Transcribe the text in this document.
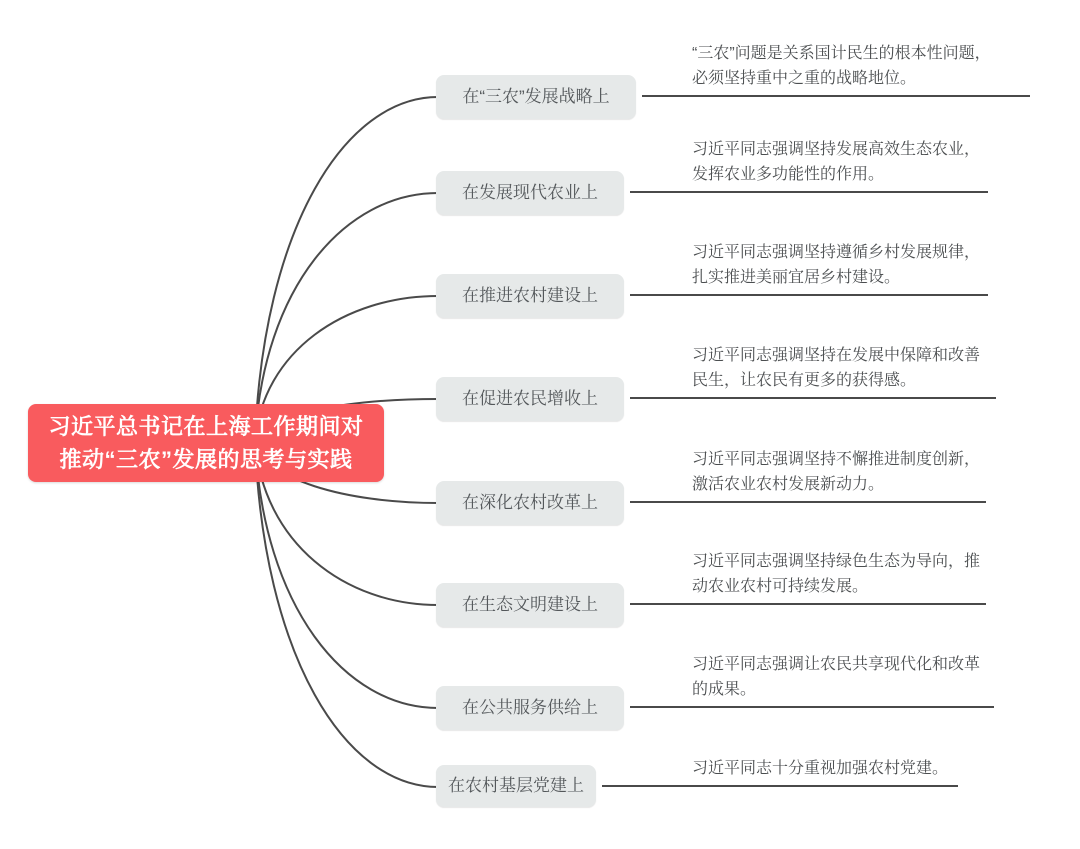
习近平总书记在上海工作期间对
推动“三农”发展的思考与实践
在“三农”发展战略上
在发展现代农业上
在推进农村建设上
在促进农民增收上
在深化农村改革上
在生态文明建设上
在公共服务供给上
在农村基层党建上
“三农”问题是关系国计民生的根本性问题，
必须坚持重中之重的战略地位。
习近平同志强调坚持发展高效生态农业，
发挥农业多功能性的作用。
习近平同志强调坚持遵循乡村发展规律，
扎实推进美丽宜居乡村建设。
习近平同志强调坚持在发展中保障和改善
民生，让农民有更多的获得感。
习近平同志强调坚持不懈推进制度创新，
激活农业农村发展新动力。
习近平同志强调坚持绿色生态为导向，推
动农业农村可持续发展。
习近平同志强调让农民共享现代化和改革
的成果。
习近平同志十分重视加强农村党建。
